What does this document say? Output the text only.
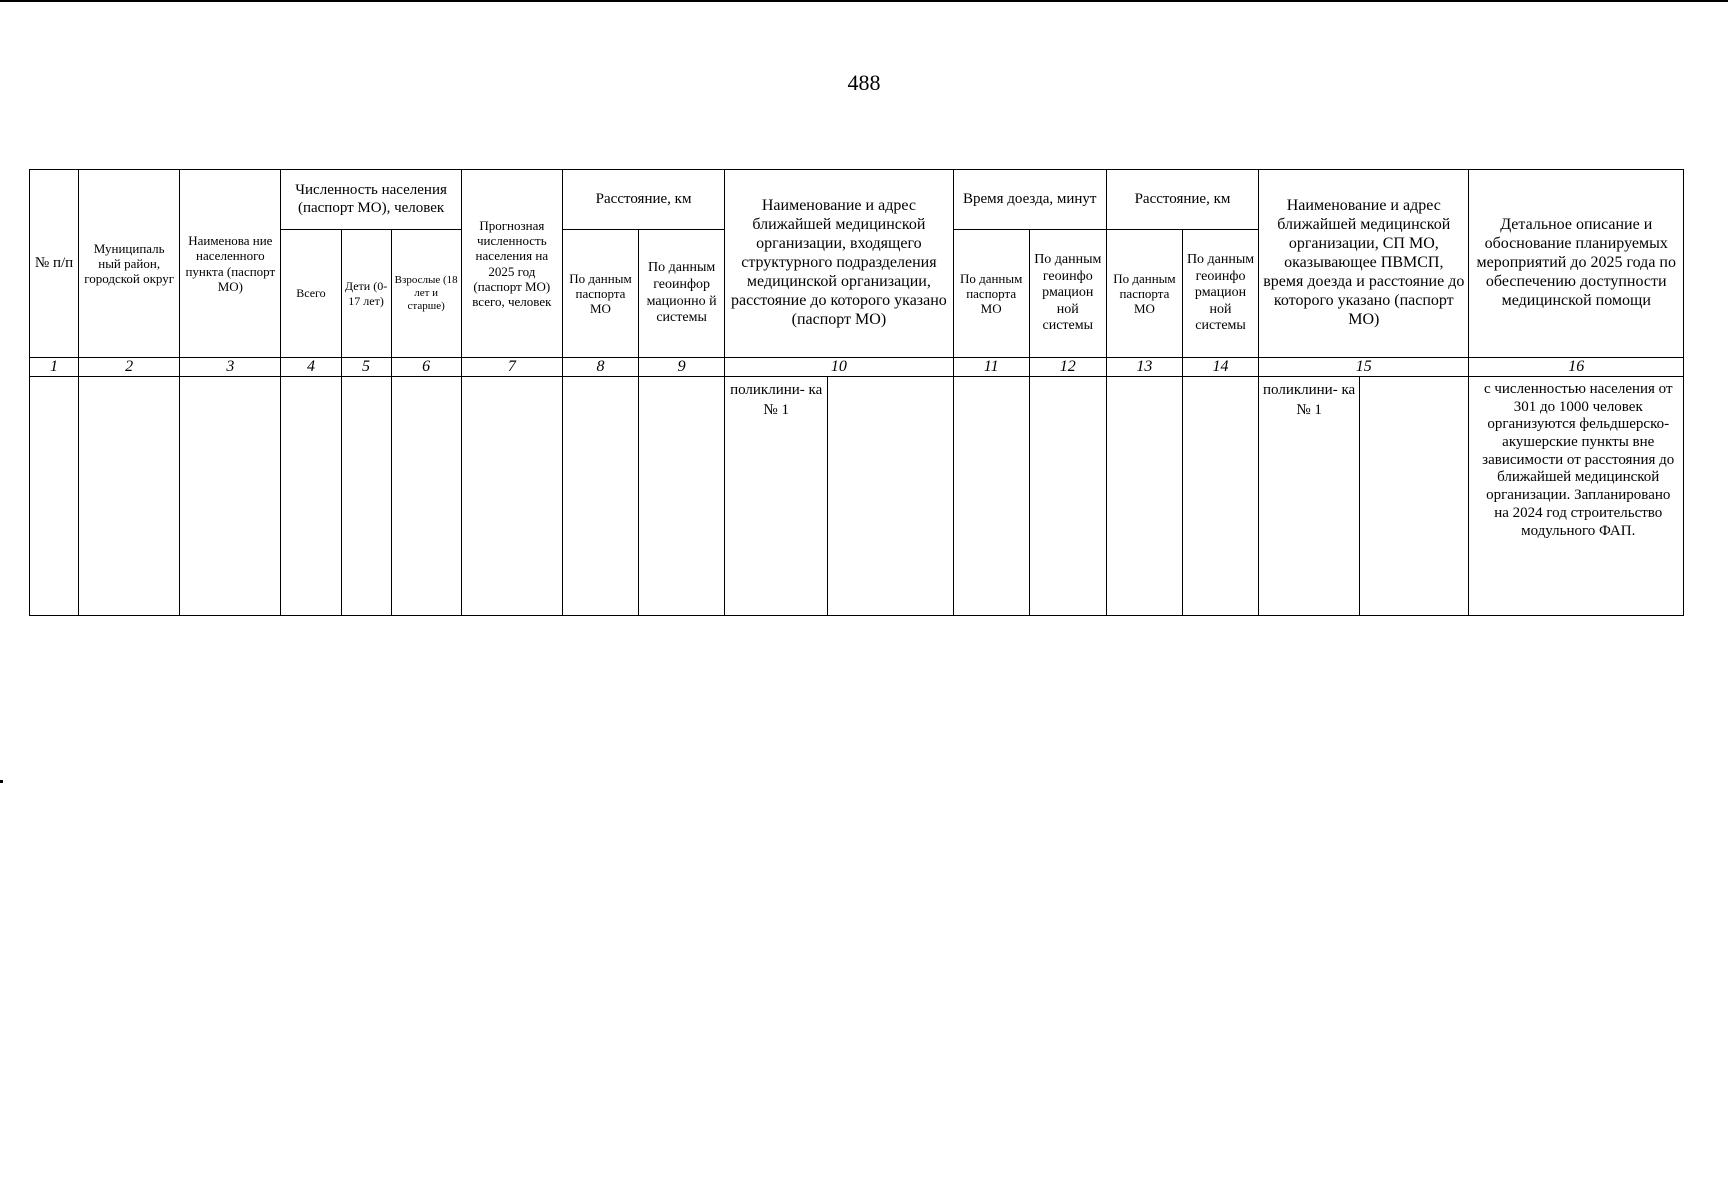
488
№ п/п	Муниципаль ный район, городской округ	Наименова ние населенного пункта (паспорт МО)	Численность населения (паспорт МО), человек			Прогнозная численность населения на 2025 год (паспорт МО) всего, человек	Расстояние, км		Наименование и адрес ближайшей медицинской организации, входящего структурного подразделения медицинской организации, расстояние до которого указано (паспорт МО)	Время доезда, минут		Расстояние, км		Наименование и адрес ближайшей медицинской организации, СП МО, оказывающее ПВМСП, время доезда и расстояние до которого указано (паспорт МО)	Детальное описание и обоснование планируемых мероприятий до 2025 года по обеспечению доступности медицинской помощи
			Всего	Дети (0-17 лет)	Взрослые (18 лет и старше)		По данным паспорта МО	По данным геоинфор мационно й системы		По данным паспорта МО	По данным геоинфо рмацион ной системы	По данным паспорта МО	По данным геоинфо рмацион ной системы		
1	2	3	4	5	6	7	8	9	10	11	12	13	14	15	16

									поликлини- ка № 1					поликлини- ка № 1	с численностью населения от 301 до 1000 человек организуются фельдшерско-акушерские пункты вне зависимости от расстояния до ближайшей медицинской организации. Запланировано на 2024 год строительство модульного ФАП.
